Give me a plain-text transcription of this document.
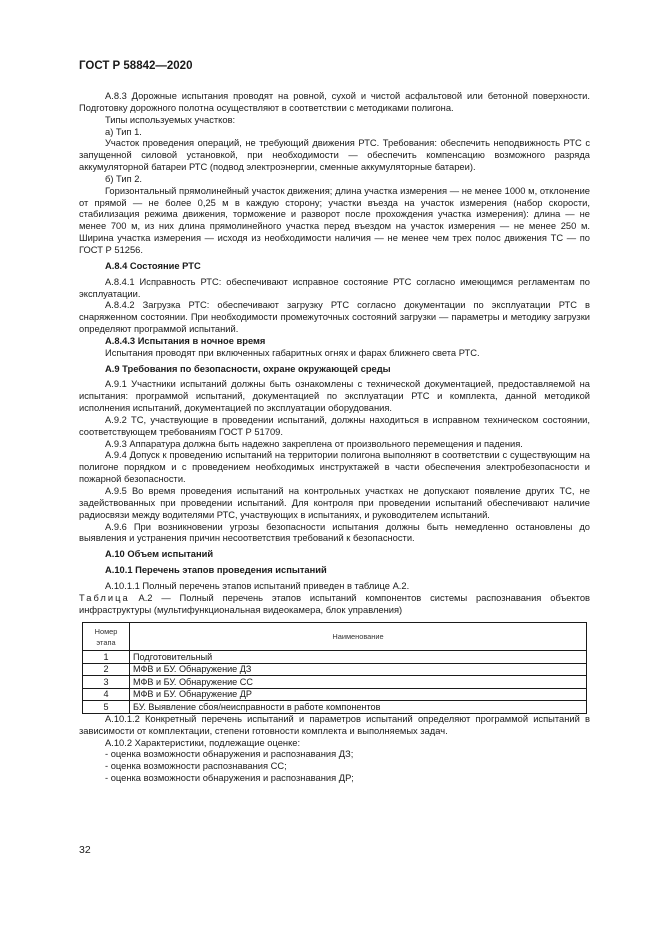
ГОСТ Р 58842—2020

А.8.3 Дорожные испытания проводят на ровной, сухой и чистой асфальтовой или бетонной поверхности. Подготовку дорожного полотна осуществляют в соответствии с методиками полигона.

Типы используемых участков:

а) Тип 1.

Участок проведения операций, не требующий движения РТС. Требования: обеспечить неподвижность РТС с запущенной силовой установкой, при необходимости — обеспечить компенсацию возможного разряда аккумуляторной батареи РТС (подвод электроэнергии, сменные аккумуляторные батареи).

б) Тип 2.

Горизонтальный прямолинейный участок движения; длина участка измерения — не менее 1000 м, отклонение от прямой — не более 0,25 м в каждую сторону; участки въезда на участок измерения (набор скорости, стабилизация режима движения, торможение и разворот после прохождения участка измерения): длина — не менее 700 м, из них длина прямолинейного участка перед въездом на участок измерения — не менее 250 м. Ширина участка измерения — исходя из необходимости наличия — не менее чем трех полос движения ТС — по ГОСТ Р 51256.

А.8.4 Состояние РТС

А.8.4.1 Исправность РТС: обеспечивают исправное состояние РТС согласно имеющимся регламентам по эксплуатации.

А.8.4.2 Загрузка РТС: обеспечивают загрузку РТС согласно документации по эксплуатации РТС в снаряженном состоянии. При необходимости промежуточных состояний загрузки — параметры и методику загрузки определяют программой испытаний.

А.8.4.3 Испытания в ночное время

Испытания проводят при включенных габаритных огнях и фарах ближнего света РТС.

А.9 Требования по безопасности, охране окружающей среды

А.9.1 Участники испытаний должны быть ознакомлены с технической документацией, предоставляемой на испытания: программой испытаний, документацией по эксплуатации РТС и комплекта, данной методикой исполнения испытаний, документацией по эксплуатации оборудования.

А.9.2 ТС, участвующие в проведении испытаний, должны находиться в исправном техническом состоянии, соответствующем требованиям ГОСТ Р 51709.

А.9.3 Аппаратура должна быть надежно закреплена от произвольного перемещения и падения.

А.9.4 Допуск к проведению испытаний на территории полигона выполняют в соответствии с существующим на полигоне порядком и с проведением необходимых инструктажей в части обеспечения электробезопасности и пожарной безопасности.

А.9.5 Во время проведения испытаний на контрольных участках не допускают появление других ТС, не задействованных при проведении испытаний. Для контроля при проведении испытаний обеспечивают наличие радиосвязи между водителями РТС, участвующих в испытаниях, и руководителем испытаний.

А.9.6 При возникновении угрозы безопасности испытания должны быть немедленно остановлены до выявления и устранения причин несоответствия требований к безопасности.

А.10 Объем испытаний

А.10.1 Перечень этапов проведения испытаний

А.10.1.1 Полный перечень этапов испытаний приведен в таблице А.2.

Таблица А.2 — Полный перечень этапов испытаний компонентов системы распознавания объектов инфраструктуры (мультифункциональная видеокамера, блок управления)

Номер этапа	Наименование
1	Подготовительный
2	МФВ и БУ. Обнаружение ДЗ
3	МФВ и БУ. Обнаружение СС
4	МФВ и БУ. Обнаружение ДР
5	БУ. Выявление сбоя/неисправности в работе компонентов

А.10.1.2 Конкретный перечень испытаний и параметров испытаний определяют программой испытаний в зависимости от комплектации, степени готовности комплекта и выполняемых задач.

А.10.2 Характеристики, подлежащие оценке:

- оценка возможности обнаружения и распознавания ДЗ;

- оценка возможности распознавания СС;

- оценка возможности обнаружения и распознавания ДР;

32
